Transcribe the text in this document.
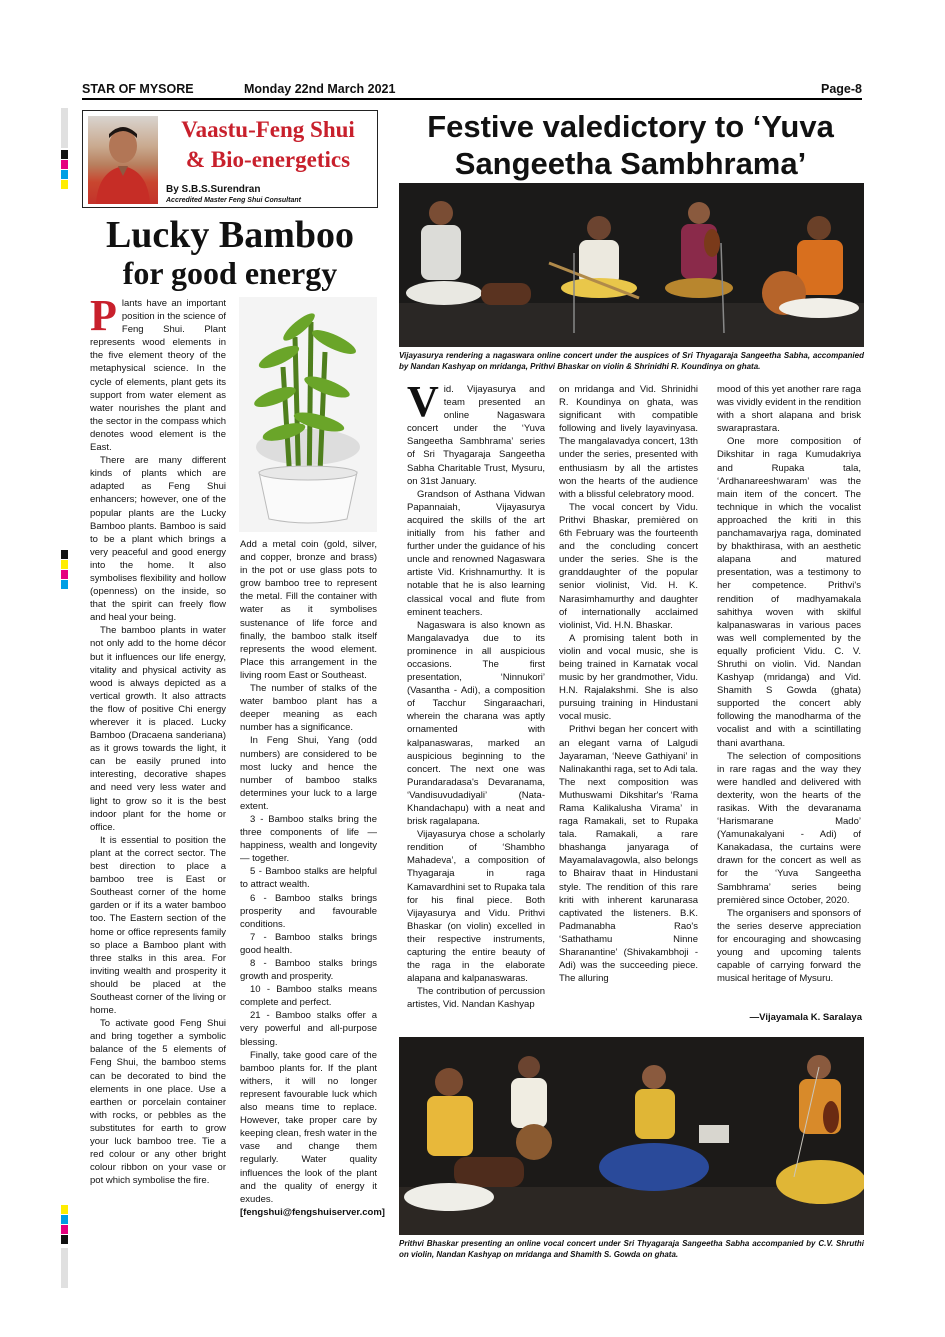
STAR OF MYSORE	Monday 22nd March 2021	Page-8
Vaastu-Feng Shui
& Bio-energetics
By S.B.S.Surendran
Accredited Master Feng Shui Consultant
Lucky Bamboo
for good energy

Plants have an important position in the science of Feng Shui. Plant represents wood elements in the five element theory of the metaphysical science. In the cycle of elements, plant gets its support from water element as water nourishes the plant and the sector in the compass which denotes wood element is the East.

There are many different kinds of plants which are adapted as Feng Shui enhancers; however, one of the popular plants are the Lucky Bamboo plants. Bamboo is said to be a plant which brings a very peaceful and good energy into the home. It also symbolises flexibility and hollow (openness) on the inside, so that the spirit can freely flow and heal your being.

The bamboo plants in water not only add to the home décor but it influences our life energy, vitality and physical activity as wood is always depicted as a vertical growth. It also attracts the flow of positive Chi energy wherever it is placed. Lucky Bamboo (Dracaena sanderiana) as it grows towards the light, it can be easily pruned into interesting, decorative shapes and need very less water and light to grow so it is the best indoor plant for the home or office.

It is essential to position the plant at the correct sector. The best direction to place a bamboo tree is East or Southeast corner of the home garden or if its a water bamboo too. The Eastern section of the home or office represents family so place a Bamboo plant with three stalks in this area. For inviting wealth and prosperity it should be placed at the Southeast corner of the living or home.

To activate good Feng Shui and bring together a symbolic balance of the 5 elements of Feng Shui, the bamboo stems can be decorated to bind the elements in one place. Use a earthen or porcelain container with rocks, or pebbles as the substitutes for earth to grow your luck bamboo tree. Tie a red colour or any other bright colour ribbon on your vase or pot which symbolise the fire.

Add a metal coin (gold, silver, and copper, bronze and brass) in the pot or use glass pots to grow bamboo tree to represent the metal. Fill the container with water as it symbolises sustenance of life force and finally, the bamboo stalk itself represents the wood element. Place this arrangement in the living room East or Southeast.

The number of stalks of the water bamboo plant has a deeper meaning as each number has a significance.

In Feng Shui, Yang (odd numbers) are considered to be most lucky and hence the number of bamboo stalks determines your luck to a large extent.

3 - Bamboo stalks bring the three components of life — happiness, wealth and longevity — together.

5 - Bamboo stalks are helpful to attract wealth.

6 - Bamboo stalks brings prosperity and favourable conditions.

7 - Bamboo stalks brings good health.

8 - Bamboo stalks brings growth and prosperity.

10 - Bamboo stalks means complete and perfect.

21 - Bamboo stalks offer a very powerful and all-purpose blessing.

Finally, take good care of the bamboo plants for. If the plant withers, it will no longer represent favourable luck which also means time to replace. However, take proper care by keeping clean, fresh water in the vase and change them regularly. Water quality influences the look of the plant and the quality of energy it exudes.

[fengshui@fengshuiserver.com]

Festive valedictory to ‘Yuva
Sangeetha Sambhrama’
Vijayasurya rendering a nagaswara online concert under the auspices of Sri Thyagaraja Sangeetha Sabha, accompanied by Nandan Kashyap on mridanga, Prithvi Bhaskar on violin & Shrinidhi R. Koundinya on ghata.

Vid. Vijayasurya and team presented an online Nagaswara concert under the ‘Yuva Sangeetha Sambhrama’ series of Sri Thyagaraja Sangeetha Sabha Charitable Trust, Mysuru, on 31st January.

Grandson of Asthana Vidwan Papannaiah, Vijayasurya acquired the skills of the art initially from his father and further under the guidance of his uncle and renowned Nagaswara artiste Vid. Krishnamurthy. It is notable that he is also learning classical vocal and flute from eminent teachers.

Nagaswara is also known as Mangalavadya due to its prominence in all auspicious occasions. The first presentation, ‘Ninnukori’ (Vasantha - Adi), a composition of Tacchur Singaraachari, wherein the charana was aptly ornamented with kalpanaswaras, marked an auspicious beginning to the concert. The next one was Purandaradasa's Devaranama, ‘Vandisuvudadiyali’ (Nata-Khandachapu) with a neat and brisk ragalapana.

Vijayasurya chose a scholarly rendition of ‘Shambho Mahadeva’, a composition of Thyagaraja in raga Kamavardhini set to Rupaka tala for his final piece. Both Vijayasurya and Vidu. Prithvi Bhaskar (on violin) excelled in their respective instruments, capturing the entire beauty of the raga in the elaborate alapana and kalpanaswaras.

The contribution of percussion artistes, Vid. Nandan Kashyap

on mridanga and Vid. Shrinidhi R. Koundinya on ghata, was significant with compatible following and lively layavinyasa. The mangalavadya concert, 13th under the series, presented with enthusiasm by all the artistes won the hearts of the audience with a blissful celebratory mood.

The vocal concert by Vidu. Prithvi Bhaskar, premièred on 6th February was the fourteenth and the concluding concert under the series. She is the granddaughter of the popular senior violinist, Vid. H. K. Narasimhamurthy and daughter of internationally acclaimed violinist, Vid. H.N. Bhaskar.

A promising talent both in violin and vocal music, she is being trained in Karnatak vocal music by her grandmother, Vidu. H.N. Rajalakshmi. She is also pursuing training in Hindustani vocal music.

Prithvi began her concert with an elegant varna of Lalgudi Jayaraman, ‘Neeve Gathiyani’ in Nalinakanthi raga, set to Adi tala. The next composition was Muthuswami Dikshitar's ‘Rama Rama Kalikalusha Virama’ in raga Ramakali, set to Rupaka tala. Ramakali, a rare bhashanga janyaraga of Mayamalavagowla, also belongs to Bhairav thaat in Hindustani style. The rendition of this rare kriti with inherent karunarasa captivated the listeners. B.K. Padmanabha Rao's ‘Sathathamu Ninne Sharanantine’ (Shivakambhoji - Adi) was the succeeding piece. The alluring

mood of this yet another rare raga was vividly evident in the rendition with a short alapana and brisk swaraprastara.

One more composition of Dikshitar in raga Kumudakriya and Rupaka tala, ‘Ardhanareeshwaram’ was the main item of the concert. The technique in which the vocalist approached the kriti in this panchamavarjya raga, dominated by bhakthirasa, with an aesthetic alapana and matured presentation, was a testimony to her competence. Prithvi's rendition of madhyamakala sahithya woven with skilful kalpanaswaras in various paces was well complemented by the equally proficient Vidu. C. V. Shruthi on violin. Vid. Nandan Kashyap (mridanga) and Vid. Shamith S Gowda (ghata) supported the concert ably following the manodharma of the vocalist and with a scintillating thani avarthana.

The selection of compositions in rare ragas and the way they were handled and delivered with dexterity, won the hearts of the rasikas. With the devaranama ‘Harismarane Mado’ (Yamunakalyani - Adi) of Kanakadasa, the curtains were drawn for the concert as well as for the ‘Yuva Sangeetha Sambhrama’ series being premièred since October, 2020.

The organisers and sponsors of the series deserve appreciation for encouraging and showcasing young and upcoming talents capable of carrying forward the musical heritage of Mysuru.

—Vijayamala K. Saralaya
Prithvi Bhaskar presenting an online vocal concert under Sri Thyagaraja Sangeetha Sabha accompanied by C.V. Shruthi on violin, Nandan Kashyap on mridanga and Shamith S. Gowda on ghata.
